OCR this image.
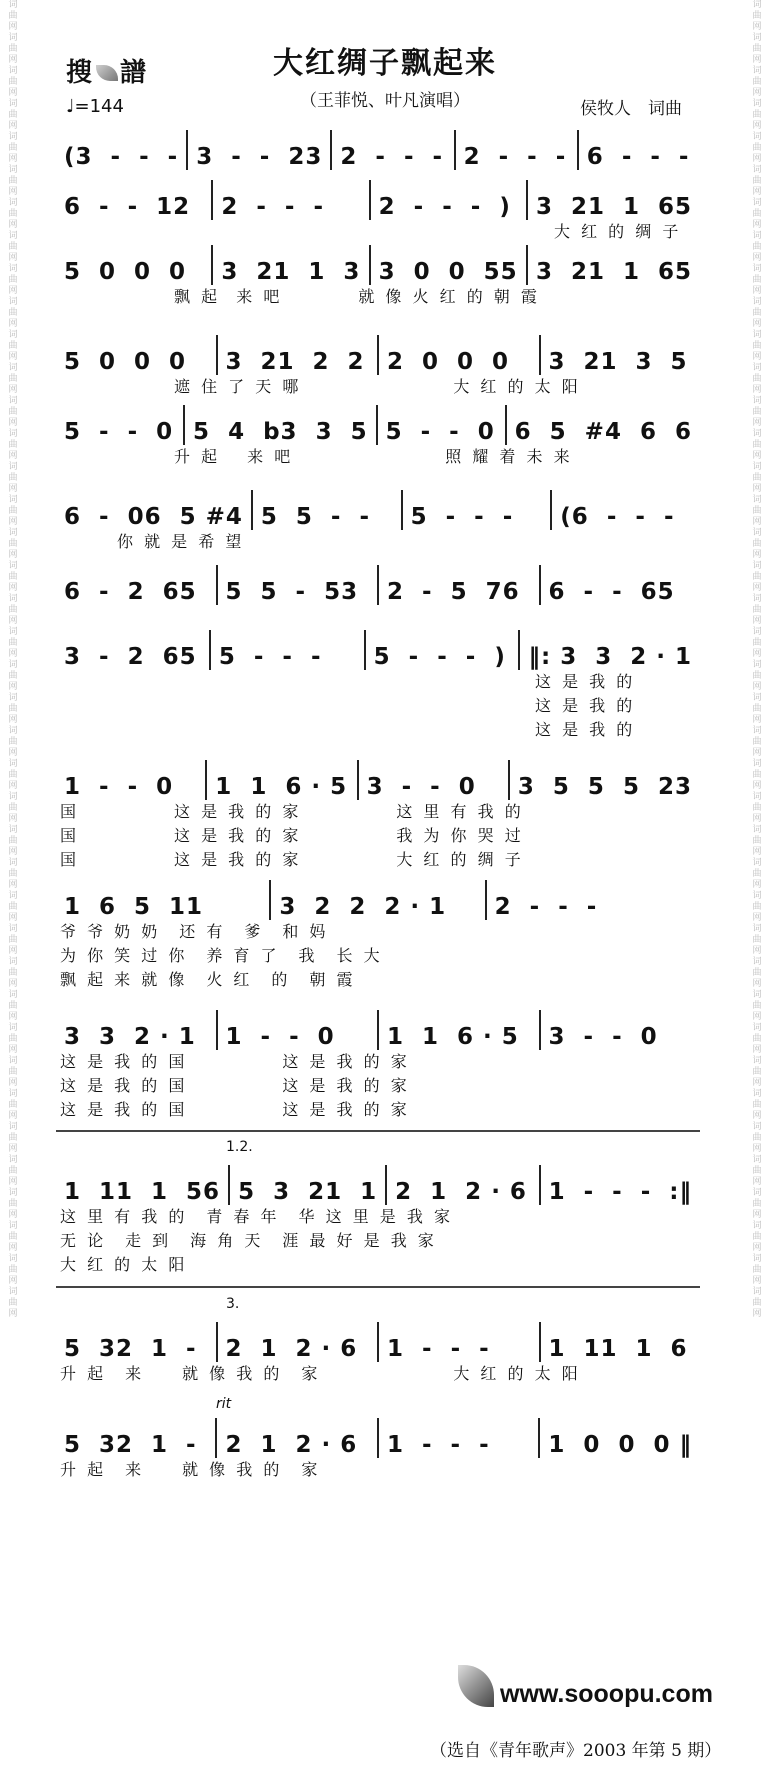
词曲网词曲网词曲网词曲网词曲网词曲网词曲网词曲网词曲网词曲网词曲网词曲网词曲网词曲网词曲网词曲网词曲网词曲网词曲网词曲网词曲网词曲网词曲网词曲网词曲网词曲网词曲网词曲网词曲网词曲网词曲网词曲网词曲网词曲网词曲网词曲网词曲网词曲网词曲网词曲网
词曲网词曲网词曲网词曲网词曲网词曲网词曲网词曲网词曲网词曲网词曲网词曲网词曲网词曲网词曲网词曲网词曲网词曲网词曲网词曲网词曲网词曲网词曲网词曲网词曲网词曲网词曲网词曲网词曲网词曲网词曲网词曲网词曲网词曲网词曲网词曲网词曲网词曲网词曲网词曲网
搜 譜
♩=144
大红绸子飘起来
（王菲悦、叶凡演唱）	侯牧人　词曲
(3  -  -  - 3  -  -  23 2  -  -  - 2  -  -  - 6  -  -  -
6  -  -  12	2  -  -  -	2  -  -  -  )	3  21  1  65
　　　　　　　　　　　　　　　　　　　　　　　　　　大 红 的 绸 子
5  0  0  0	3  21  1  3 3  0  0  55 3  21  1  65
　　　　　　飘 起  来 吧　　　　就 像 火 红 的 朝 霞
5  0  0  0	3  21  2  2 2  0  0  0	3  21  3  5
　　　　　　遮 住 了 天 哪　　　　　　　　大 红 的 太 阳
5  -  -  0 5  4  b3  3  5 5  -  -  0 6  5  #4  6  6
　　　　　　升 起　 来 吧　　　　　　　　照 耀 着 未 来
6  -  06  5 #4 5  5  -  -	5  -  -  -	(6  -  -  -
　　　你 就 是 希 望
6  -  2  65	5  5  -  53	2  -  5  76	6  -  -  65
3  -  2  65 5  -  -  -	5  -  -  -  ) ‖: 3  3  2 · 1
　　　　　　　　　　　　　　　　　　　　　　　　　这 是 我 的
　　　　　　　　　　　　　　　　　　　　　　　　　这 是 我 的
　　　　　　　　　　　　　　　　　　　　　　　　　这 是 我 的
1  -  -  0	1  1  6 · 5 3  -  -  0	3  5  5  5  23
国　　　　　这 是 我 的 家　　　　　这 里 有 我 的
国　　　　　这 是 我 的 家　　　　　我 为 你 哭 过
国　　　　　这 是 我 的 家　　　　　大 红 的 绸 子
1  6  5  11	3  2  2  2 · 1	2  -  -  -
爷 爷 奶 奶　还 有　爹　和 妈
为 你 笑 过 你　养 育 了　我　长 大
飘 起 来 就 像　火 红　的　朝 霞
3  3  2 · 1	1  -  -  0	1  1  6 · 5	3  -  -  0
这 是 我 的 国　　　　　这 是 我 的 家
这 是 我 的 国　　　　　这 是 我 的 家
这 是 我 的 国　　　　　这 是 我 的 家
1.2.
1  11  1  56 5  3  21  1 2  1  2 · 6 1  -  -  -  :‖
这 里 有 我 的　青 春 年　华 这 里 是 我 家
无 论　走 到　海 角 天　涯 最 好 是 我 家
大 红 的 太 阳
3.
5  32  1  -	2  1  2 · 6	1  -  -  -	1  11  1  6
升 起　来　　就 像 我 的　家　　　　　　　大 红 的 太 阳
rit
5  32  1  -	2  1  2 · 6	1  -  -  -	1  0  0  0 ‖
升 起　来　　就 像 我 的　家
www.sooopu.com
（选自《青年歌声》2003 年第 5 期）
